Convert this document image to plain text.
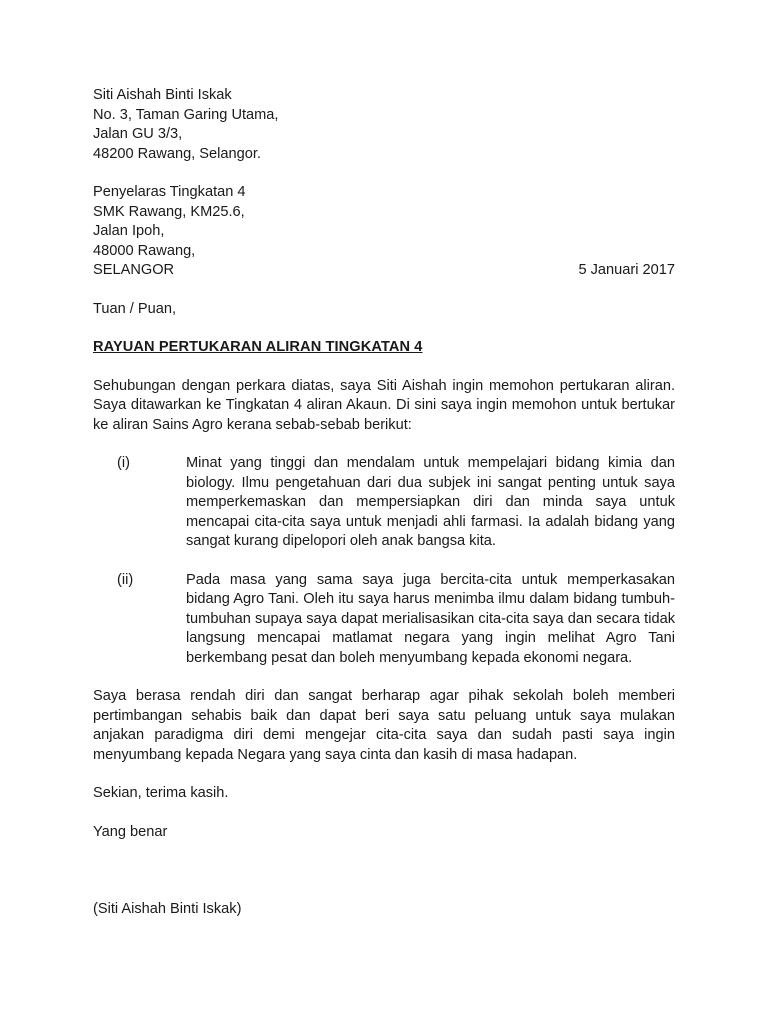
Siti Aishah Binti Iskak
No. 3, Taman Garing Utama,
Jalan GU 3/3,
48200 Rawang, Selangor.
Penyelaras Tingkatan 4
SMK Rawang, KM25.6,
Jalan Ipoh,
48000 Rawang,
SELANGOR	5 Januari 2017
Tuan / Puan,
RAYUAN PERTUKARAN ALIRAN TINGKATAN 4

Sehubungan dengan perkara diatas, saya Siti Aishah ingin memohon pertukaran aliran. Saya ditawarkan ke Tingkatan 4 aliran Akaun. Di sini saya ingin memohon untuk bertukar ke aliran Sains Agro kerana sebab-sebab berikut:

(i)	Minat yang tinggi dan mendalam untuk mempelajari bidang kimia dan biology. Ilmu pengetahuan dari dua subjek ini sangat penting untuk saya memperkemaskan dan mempersiapkan diri dan minda saya untuk mencapai cita-cita saya untuk menjadi ahli farmasi. Ia adalah bidang yang sangat kurang dipelopori oleh anak bangsa kita.
(ii)	Pada masa yang sama saya juga bercita-cita untuk memperkasakan bidang Agro Tani. Oleh itu saya harus menimba ilmu dalam bidang tumbuh-tumbuhan supaya saya dapat merialisasikan cita-cita saya dan secara tidak langsung mencapai matlamat negara yang ingin melihat Agro Tani berkembang pesat dan boleh menyumbang kepada ekonomi negara.

Saya berasa rendah diri dan sangat berharap agar pihak sekolah boleh memberi pertimbangan sehabis baik dan dapat beri saya satu peluang untuk saya mulakan anjakan paradigma diri demi mengejar cita-cita saya dan sudah pasti saya ingin menyumbang kepada Negara yang saya cinta dan kasih di masa hadapan.

Sekian, terima kasih.
Yang benar
(Siti Aishah Binti Iskak)
